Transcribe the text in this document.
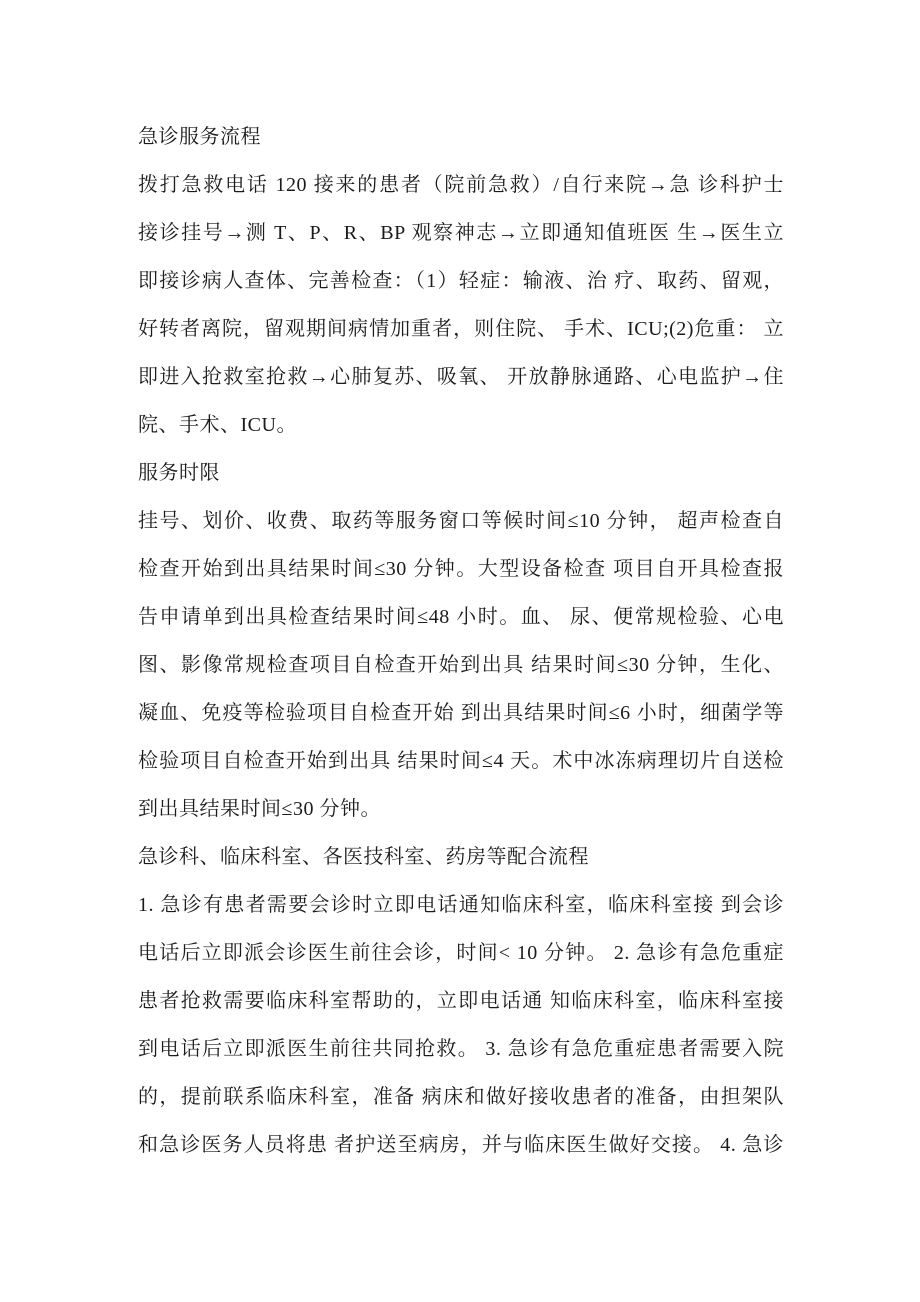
急诊服务流程
拨打急救电话 120 接来的患者（院前急救）/自行来院→急 诊科护士
接诊挂号→测 T、P、R、BP 观察神志→立即通知值班医 生→医生立
即接诊病人查体、完善检查：（1）轻症：输液、治 疗、取药、留观，
好转者离院，留观期间病情加重者，则住院、 手术、ICU;(2)危重： 立
即进入抢救室抢救→心肺复苏、吸氧、 开放静脉通路、心电监护→住
院、手术、ICU。
服务时限
挂号、划价、收费、取药等服务窗口等候时间≤10 分钟， 超声检查自
检查开始到出具结果时间≤30 分钟。大型设备检查 项目自开具检查报
告申请单到出具检查结果时间≤48 小时。血、 尿、便常规检验、心电
图、影像常规检查项目自检查开始到出具 结果时间≤30 分钟，生化、
凝血、免疫等检验项目自检查开始 到出具结果时间≤6 小时，细菌学等
检验项目自检查开始到出具 结果时间≤4 天。术中冰冻病理切片自送检
到出具结果时间≤30 分钟。
急诊科、临床科室、各医技科室、药房等配合流程
1. 急诊有患者需要会诊时立即电话通知临床科室，临床科室接 到会诊
电话后立即派会诊医生前往会诊，时间< 10 分钟。 2. 急诊有急危重症
患者抢救需要临床科室帮助的，立即电话通 知临床科室，临床科室接
到电话后立即派医生前往共同抢救。 3. 急诊有急危重症患者需要入院
的，提前联系临床科室，准备 病床和做好接收患者的准备，由担架队
和急诊医务人员将患 者护送至病房，并与临床医生做好交接。 4. 急诊
